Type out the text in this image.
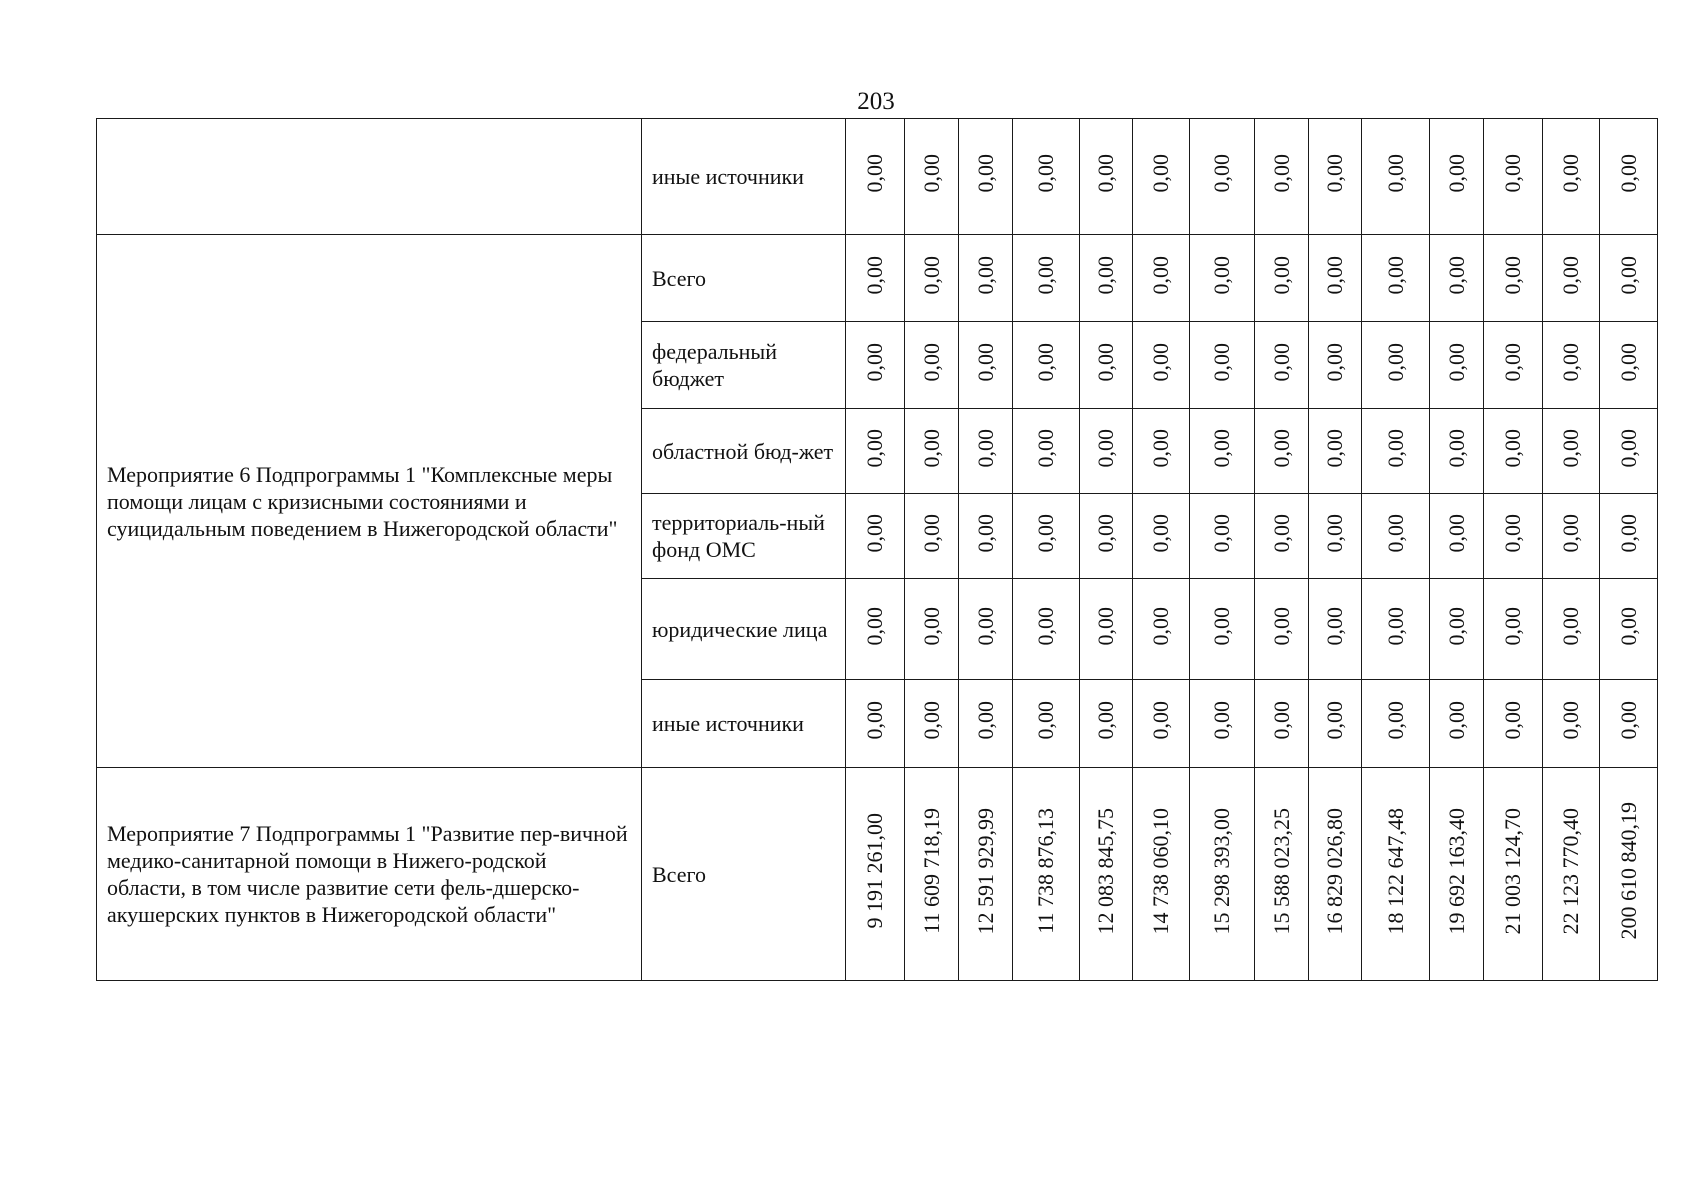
203
	иные источники	0,00	0,00	0,00	0,00	0,00	0,00	0,00	0,00	0,00	0,00	0,00	0,00	0,00	0,00
Мероприятие 6 Подпрограммы 1 "Комплексные меры помощи лицам с кризисными состояниями и суицидальным поведением в Нижегородской области"	Всего	0,00	0,00	0,00	0,00	0,00	0,00	0,00	0,00	0,00	0,00	0,00	0,00	0,00	0,00
	федеральный бюджет	0,00	0,00	0,00	0,00	0,00	0,00	0,00	0,00	0,00	0,00	0,00	0,00	0,00	0,00
	областной бюд-жет	0,00	0,00	0,00	0,00	0,00	0,00	0,00	0,00	0,00	0,00	0,00	0,00	0,00	0,00
	территориаль-ный фонд ОМС	0,00	0,00	0,00	0,00	0,00	0,00	0,00	0,00	0,00	0,00	0,00	0,00	0,00	0,00
	юридические лица	0,00	0,00	0,00	0,00	0,00	0,00	0,00	0,00	0,00	0,00	0,00	0,00	0,00	0,00
	иные источники	0,00	0,00	0,00	0,00	0,00	0,00	0,00	0,00	0,00	0,00	0,00	0,00	0,00	0,00
Мероприятие 7 Подпрограммы 1 "Развитие пер-вичной медико-санитарной помощи в Нижего-родской области, в том числе развитие сети фель-дшерско-акушерских пунктов в Нижегородской области"	Всего	9 191 261,00	11 609 718,19	12 591 929,99	11 738 876,13	12 083 845,75	14 738 060,10	15 298 393,00	15 588 023,25	16 829 026,80	18 122 647,48	19 692 163,40	21 003 124,70	22 123 770,40	200 610 840,19
